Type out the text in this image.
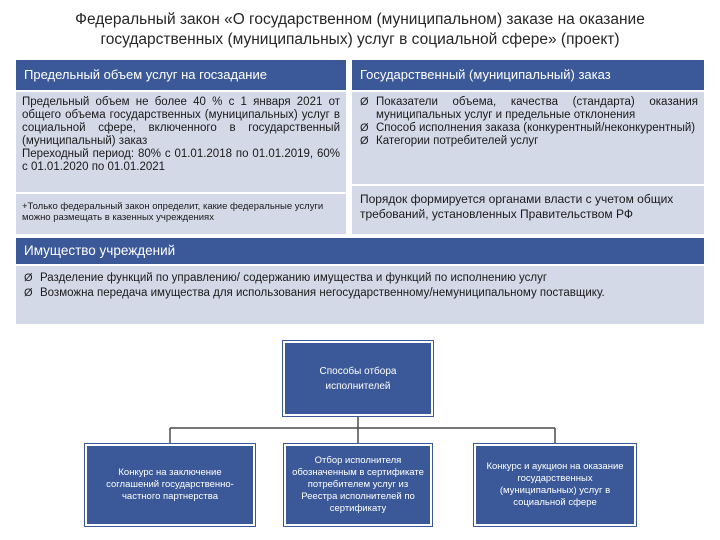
Федеральный закон «О государственном (муниципальном) заказе на оказание государственных (муниципальных) услуг в социальной сфере» (проект)
Предельный объем услуг на госзадание
Предельный объем не более 40 % с 1 января 2021 от общего объема государственных (муниципальных) услуг в социальной сфере, включенного в государственный (муниципальный) заказ
Переходный период: 80% с 01.01.2018 по 01.01.2019, 60% с 01.01.2020 по 01.01.2021
+Только федеральный закон определит, какие федеральные услуги можно размещать в казенных учреждениях
Государственный (муниципальный) заказ
Ø Показатели объема, качества (стандарта) оказания муниципальных услуг и предельные отклонения
Ø Способ исполнения заказа (конкурентный/неконкурентный)
Ø Категории потребителей услуг
Порядок формируется органами власти с учетом общих требований, установленных Правительством РФ
Имущество учреждений
Ø Разделение функций по управлению/ содержанию имущества и функций по исполнению услуг
Ø Возможна передача имущества для использования негосударственному/немуниципальному поставщику.
Способы отбора исполнителей
Конкурс на заключение соглашений государственно-частного партнерства
Отбор исполнителя обозначенным в сертификате потребителем услуг из Реестра исполнителей по сертификату
Конкурс и аукцион на оказание государственных (муниципальных) услуг в социальной сфере
